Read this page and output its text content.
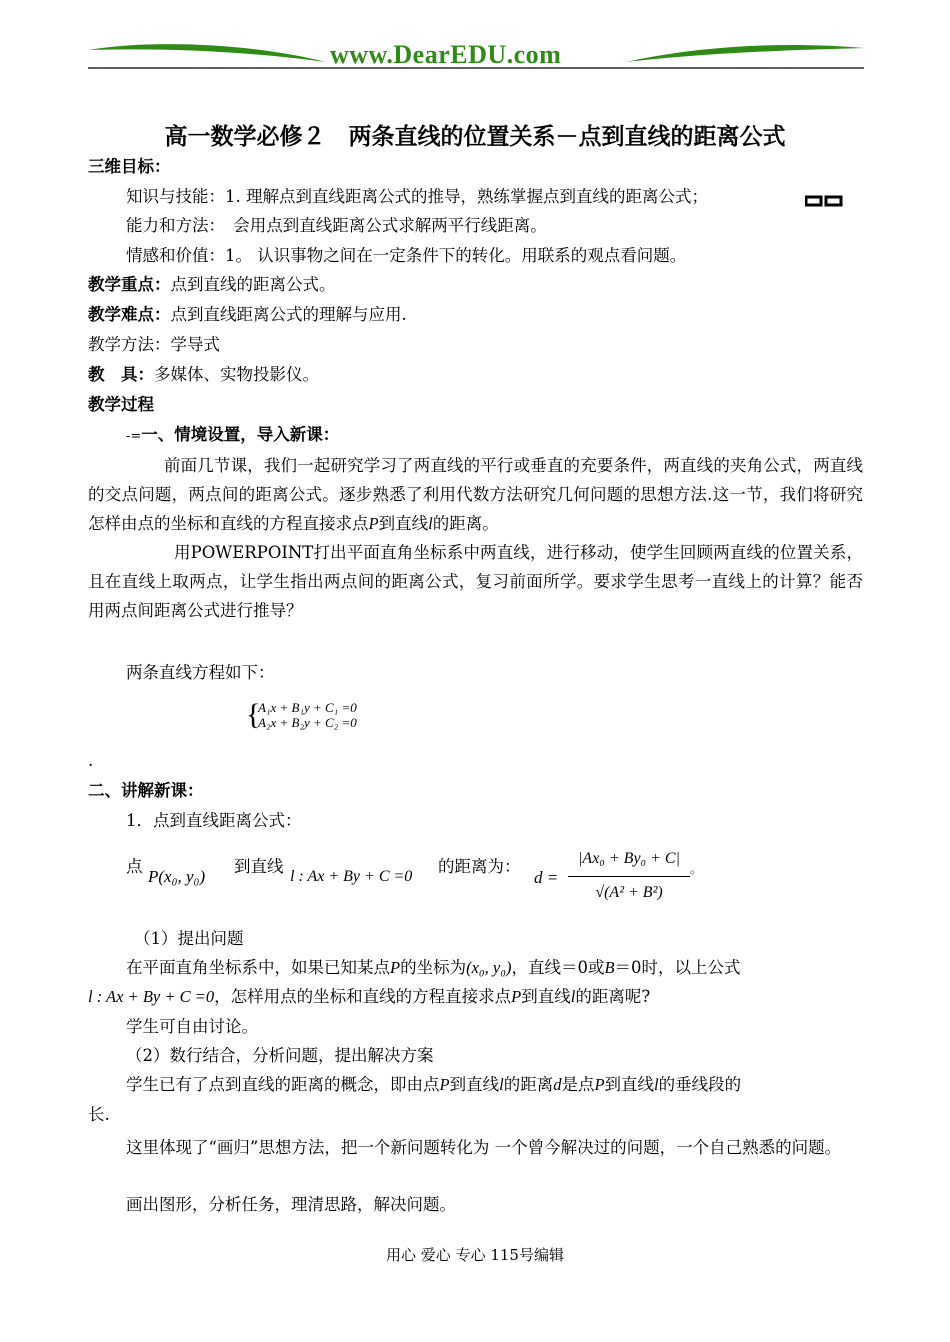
www.DearEDU.com
高一数学必修２　两条直线的位置关系－点到直线的距离公式
三维目标：
知识与技能：1. 理解点到直线距离公式的推导，熟练掌握点到直线的距离公式；
能力和方法：　会用点到直线距离公式求解两平行线距离。
情感和价值：1。 认识事物之间在一定条件下的转化。用联系的观点看问题。
教学重点：点到直线的距离公式。
教学难点：点到直线距离公式的理解与应用.
教学方法：学导式
教　具：多媒体、实物投影仪。
教学过程
-=一、情境设置，导入新课：
前面几节课，我们一起研究学习了两直线的平行或垂直的充要条件，两直线的夹角公式，两直线的交点问题，两点间的距离公式。逐步熟悉了利用代数方法研究几何问题的思想方法.这一节，我们将研究怎样由点的坐标和直线的方程直接求点P到直线l的距离。
用POWERPOINT打出平面直角坐标系中两直线，进行移动，使学生回顾两直线的位置关系，且在直线上取两点，让学生指出两点间的距离公式，复习前面所学。要求学生思考一直线上的计算？能否用两点间距离公式进行推导？
两条直线方程如下：
{
A₁x + B₁y + C₁ =0
A₂x + B₂y + C₂ =0
.
二、讲解新课：
1．点到直线距离公式：
点
P(x₀, y₀)
到直线
l : Ax + By + C =0
的距离为：
d =
|Ax₀ + By₀ + C|
√(A² + B²)
。
（1）提出问题
在平面直角坐标系中，如果已知某点P的坐标为(x₀, y₀)，直线＝0或B＝0时，以上公式
l : Ax + By + C =0，怎样用点的坐标和直线的方程直接求点P到直线l的距离呢?
学生可自由讨论。
（2）数行结合，分析问题，提出解决方案
学生已有了点到直线的距离的概念，即由点P到直线l的距离d是点P到直线l的垂线段的
长.
这里体现了“画归”思想方法，把一个新问题转化为 一个曾今解决过的问题，一个自己熟悉的问题。
画出图形，分析任务，理清思路，解决问题。
用心 爱心 专心 115号编辑
